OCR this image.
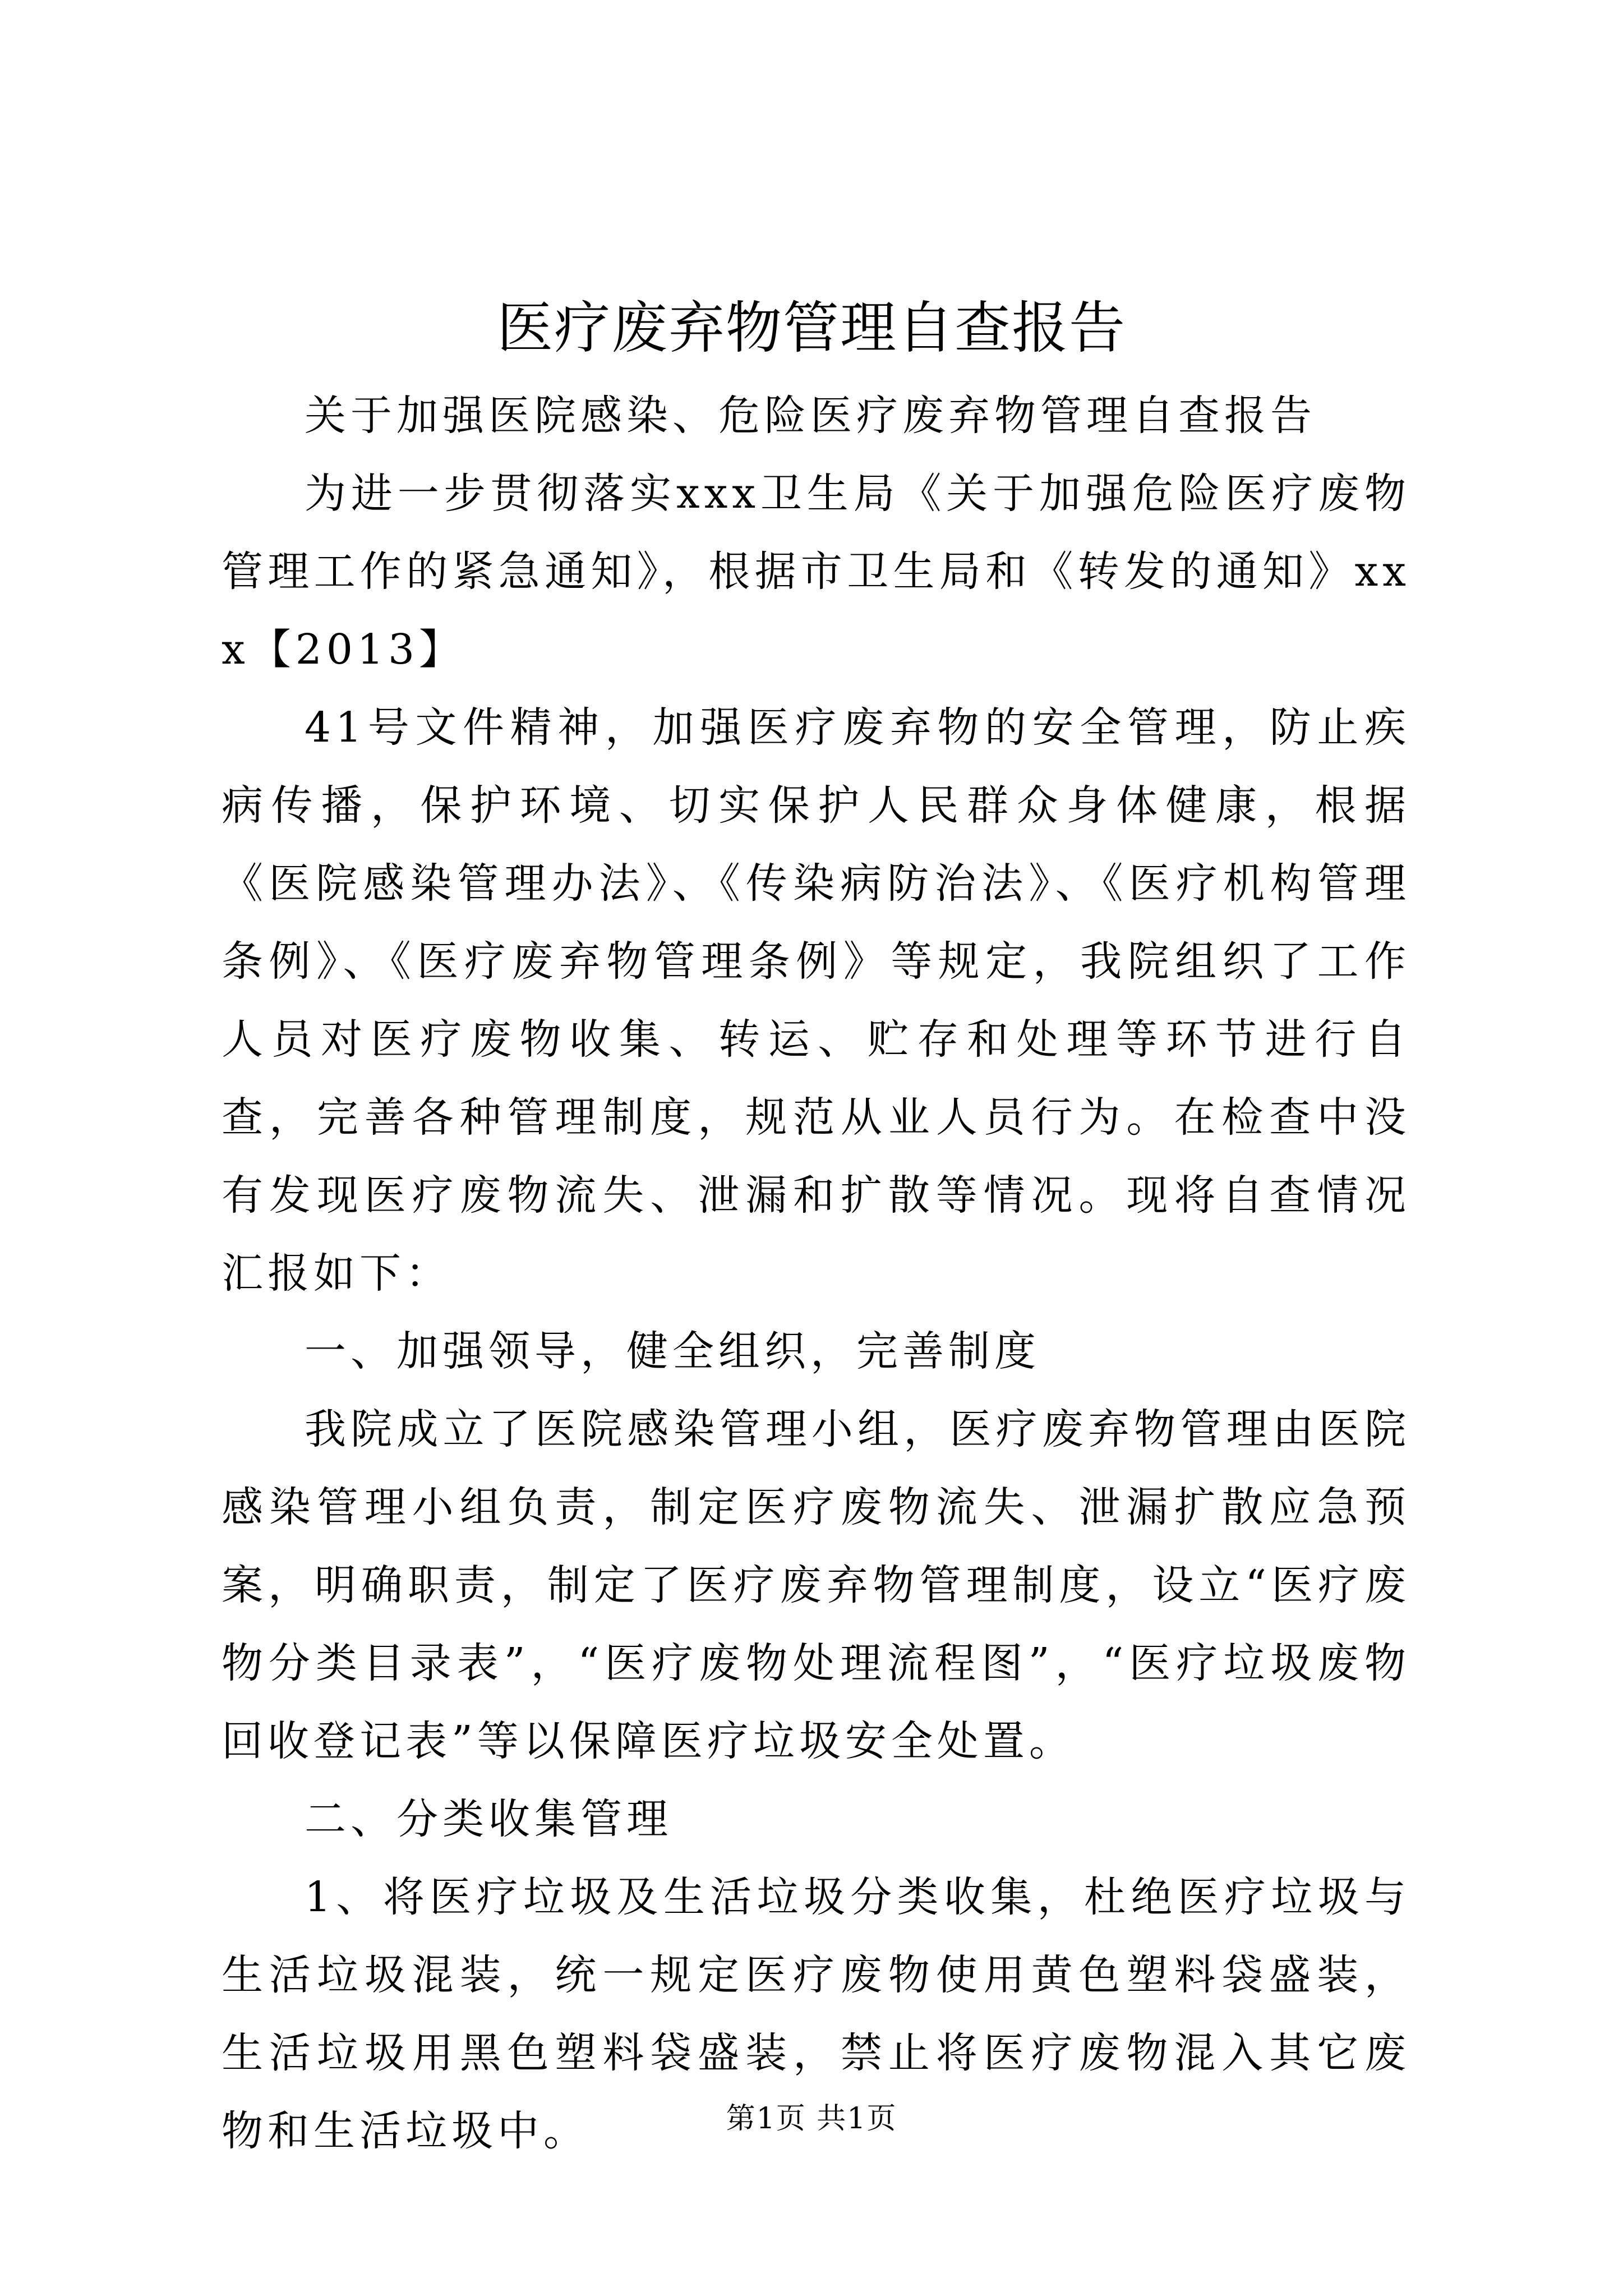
医疗废弃物管理自查报告

关于加强医院感染、危险医疗废弃物管理自查报告

为进一步贯彻落实xxx卫生局《关于加强危险医疗废物管理工作的紧急通知》，根据市卫生局和《转发的通知》xxx【2013】

41号文件精神，加强医疗废弃物的安全管理，防止疾病传播，保护环境、切实保护人民群众身体健康，根据《医院感染管理办法》、《传染病防治法》、《医疗机构管理条例》、《医疗废弃物管理条例》等规定，我院组织了工作人员对医疗废物收集、转运、贮存和处理等环节进行自查，完善各种管理制度，规范从业人员行为。在检查中没有发现医疗废物流失、泄漏和扩散等情况。现将自查情况汇报如下：

一、加强领导，健全组织，完善制度

我院成立了医院感染管理小组，医疗废弃物管理由医院感染管理小组负责，制定医疗废物流失、泄漏扩散应急预案，明确职责，制定了医疗废弃物管理制度，设立“医疗废物分类目录表”，“医疗废物处理流程图”，“医疗垃圾废物回收登记表”等以保障医疗垃圾安全处置。

二、分类收集管理

1、将医疗垃圾及生活垃圾分类收集，杜绝医疗垃圾与生活垃圾混装，统一规定医疗废物使用黄色塑料袋盛装，生活垃圾用黑色塑料袋盛装，禁止将医疗废物混入其它废物和生活垃圾中。	第1页 共1页
